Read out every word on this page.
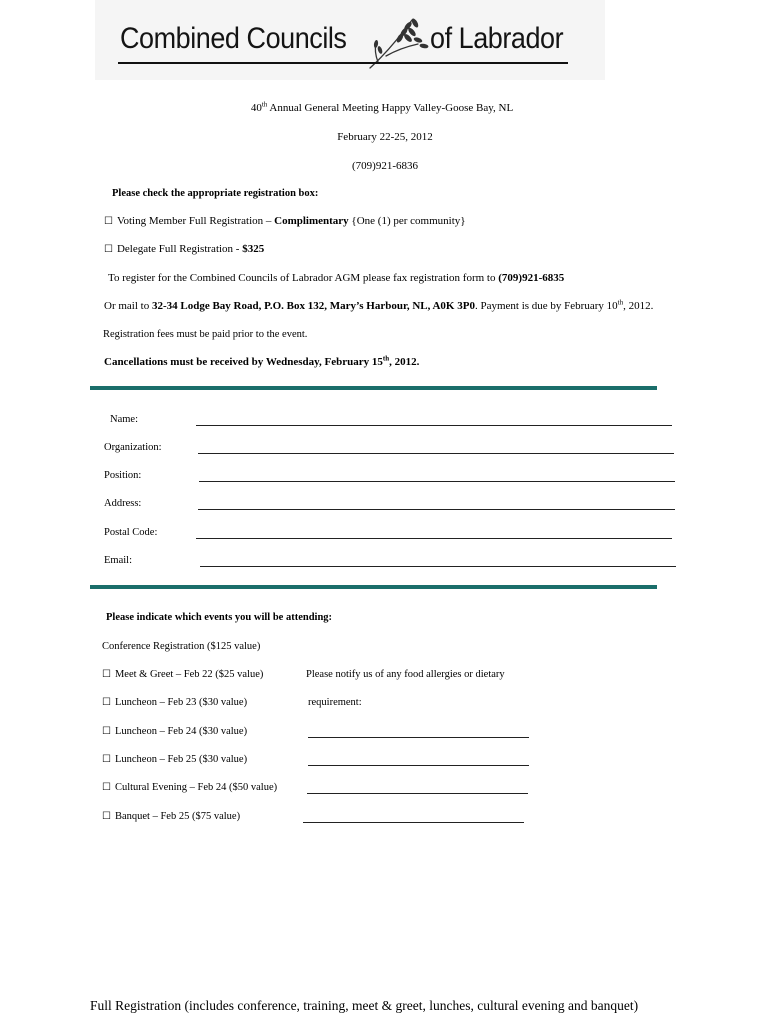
Combined Councils	of Labrador
40th Annual General Meeting Happy Valley-Goose Bay, NL
February 22-25, 2012
(709)921-6836
Please check the appropriate registration box:
☐ Voting Member Full Registration – Complimentary {One (1) per community}
☐ Delegate Full Registration - $325
To register for the Combined Councils of Labrador AGM please fax registration form to (709)921-6835
Or mail to 32-34 Lodge Bay Road, P.O. Box 132, Mary’s Harbour, NL, A0K 3P0. Payment is due by February 10th, 2012.
Registration fees must be paid prior to the event.
Cancellations must be received by Wednesday, February 15th, 2012.
Name:
Organization:
Position:
Address:
Postal Code:
Email:
Please indicate which events you will be attending:
Conference Registration ($125 value)
☐ Meet & Greet – Feb 22 ($25 value)
☐ Luncheon – Feb 23 ($30 value)
☐ Luncheon – Feb 24 ($30 value)
☐ Luncheon – Feb 25 ($30 value)
☐ Cultural Evening – Feb 24 ($50 value)
☐ Banquet – Feb 25 ($75 value)
Please notify us of any food allergies or dietary
requirement:
Full Registration (includes conference, training, meet & greet, lunches, cultural evening and banquet)
